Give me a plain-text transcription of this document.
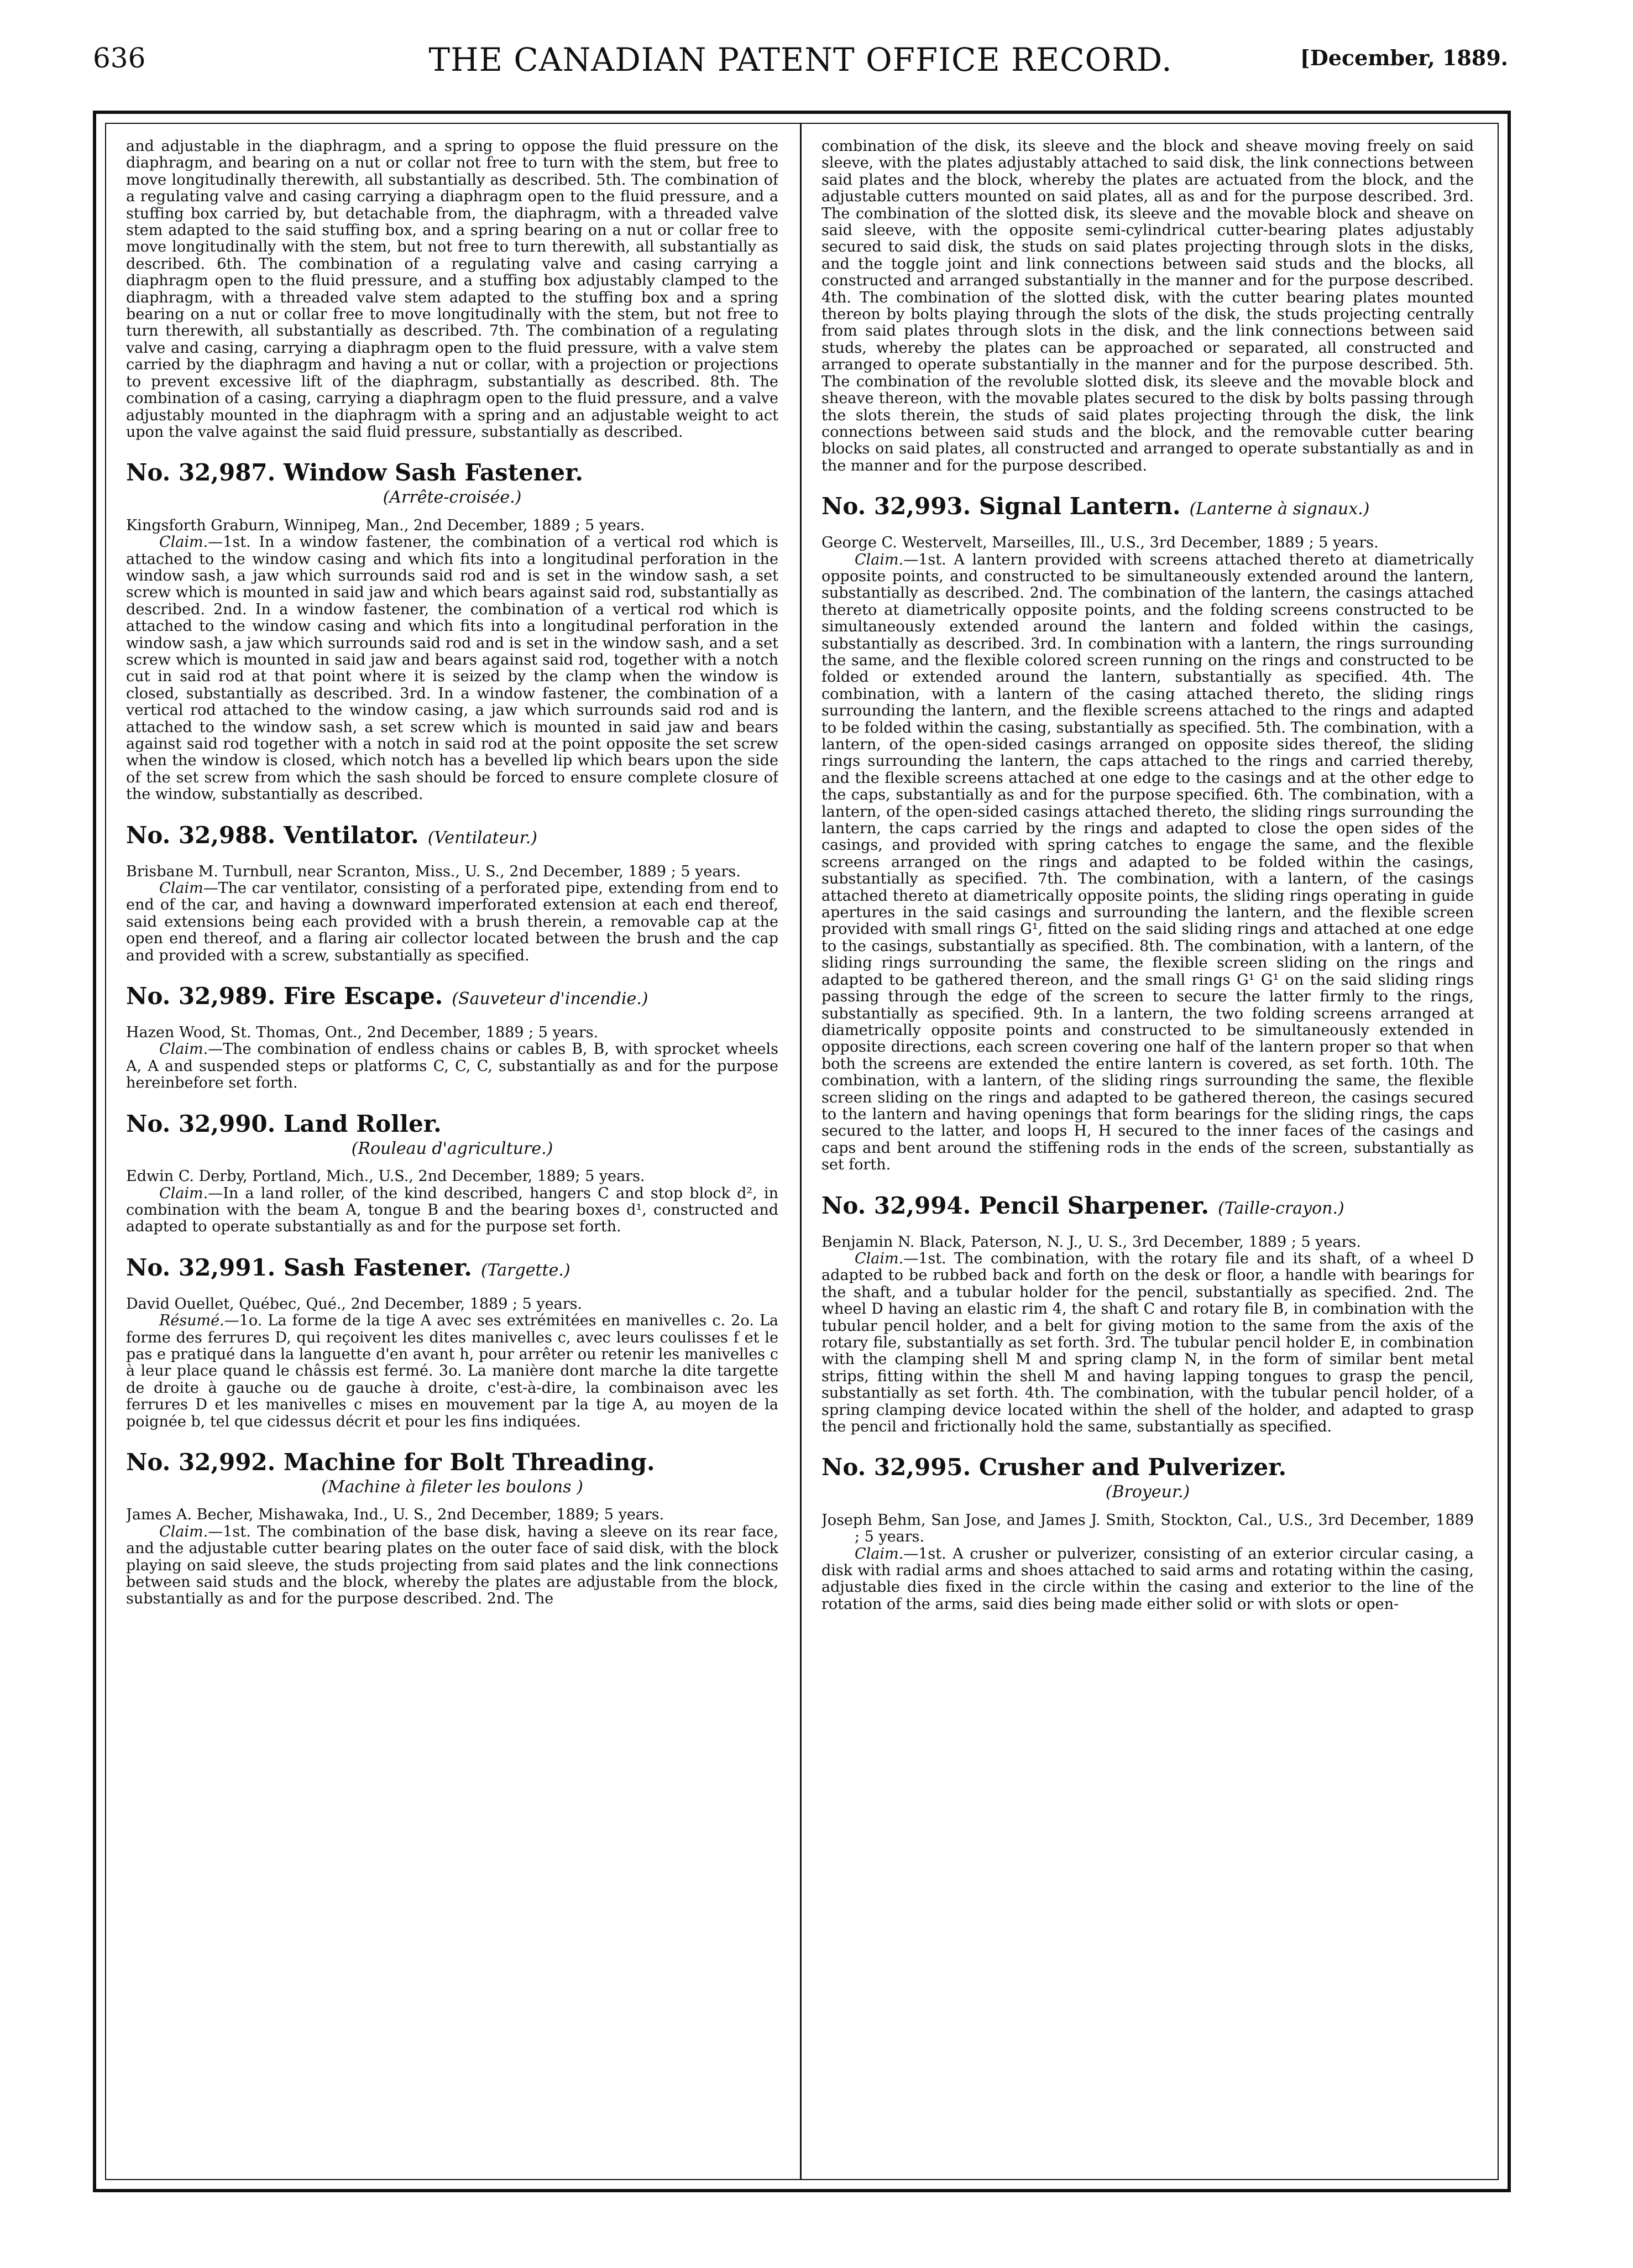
636	THE CANADIAN PATENT OFFICE RECORD.	[December, 1889.

and adjustable in the diaphragm, and a spring to oppose the fluid pressure on the diaphragm, and bearing on a nut or collar not free to turn with the stem, but free to move longitudinally therewith, all substantially as described. 5th. The combination of a regulating valve and casing carrying a diaphragm open to the fluid pressure, and a stuffing box carried by, but detachable from, the diaphragm, with a threaded valve stem adapted to the said stuffing box, and a spring bearing on a nut or collar free to move longitudinally with the stem, but not free to turn therewith, all substantially as described. 6th. The combination of a regulating valve and casing carrying a diaphragm open to the fluid pressure, and a stuffing box adjustably clamped to the diaphragm, with a threaded valve stem adapted to the stuffing box and a spring bearing on a nut or collar free to move longitudinally with the stem, but not free to turn therewith, all substantially as described. 7th. The combination of a regulating valve and casing, carrying a diaphragm open to the fluid pressure, with a valve stem carried by the diaphragm and having a nut or collar, with a projection or projections to prevent excessive lift of the diaphragm, substantially as described. 8th. The combination of a casing, carrying a diaphragm open to the fluid pressure, and a valve adjustably mounted in the diaphragm with a spring and an adjustable weight to act upon the valve against the said fluid pressure, substantially as described.

No. 32,987. Window Sash Fastener.

(Arrête-croisée.)

Kingsforth Graburn, Winnipeg, Man., 2nd December, 1889 ; 5 years.

Claim.—1st. In a window fastener, the combination of a vertical rod which is attached to the window casing and which fits into a longitudinal perforation in the window sash, a jaw which surrounds said rod and is set in the window sash, a set screw which is mounted in said jaw and which bears against said rod, substantially as described. 2nd. In a window fastener, the combination of a vertical rod which is attached to the window casing and which fits into a longitudinal perforation in the window sash, a jaw which surrounds said rod and is set in the window sash, and a set screw which is mounted in said jaw and bears against said rod, together with a notch cut in said rod at that point where it is seized by the clamp when the window is closed, substantially as described. 3rd. In a window fastener, the combination of a vertical rod attached to the window casing, a jaw which surrounds said rod and is attached to the window sash, a set screw which is mounted in said jaw and bears against said rod together with a notch in said rod at the point opposite the set screw when the window is closed, which notch has a bevelled lip which bears upon the side of the set screw from which the sash should be forced to ensure complete closure of the window, substantially as described.

No. 32,988. Ventilator. (Ventilateur.)

Brisbane M. Turnbull, near Scranton, Miss., U. S., 2nd December, 1889 ; 5 years.

Claim—The car ventilator, consisting of a perforated pipe, extending from end to end of the car, and having a downward imperforated extension at each end thereof, said extensions being each provided with a brush therein, a removable cap at the open end thereof, and a flaring air collector located between the brush and the cap and provided with a screw, substantially as specified.

No. 32,989. Fire Escape. (Sauveteur d'incendie.)

Hazen Wood, St. Thomas, Ont., 2nd December, 1889 ; 5 years.

Claim.—The combination of endless chains or cables B, B, with sprocket wheels A, A and suspended steps or platforms C, C, C, substantially as and for the purpose hereinbefore set forth.

No. 32,990. Land Roller.

(Rouleau d'agriculture.)

Edwin C. Derby, Portland, Mich., U.S., 2nd December, 1889; 5 years.

Claim.—In a land roller, of the kind described, hangers C and stop block d², in combination with the beam A, tongue B and the bearing boxes d¹, constructed and adapted to operate substantially as and for the purpose set forth.

No. 32,991. Sash Fastener. (Targette.)

David Ouellet, Québec, Qué., 2nd December, 1889 ; 5 years.

Résumé.—1o. La forme de la tige A avec ses extrémitées en manivelles c. 2o. La forme des ferrures D, qui reçoivent les dites manivelles c, avec leurs coulisses f et le pas e pratiqué dans la languette d'en avant h, pour arrêter ou retenir les manivelles c à leur place quand le châssis est fermé. 3o. La manière dont marche la dite targette de droite à gauche ou de gauche à droite, c'est-à-dire, la combinaison avec les ferrures D et les manivelles c mises en mouvement par la tige A, au moyen de la poignée b, tel que cidessus décrit et pour les fins indiquées.

No. 32,992. Machine for Bolt Threading.

(Machine à fileter les boulons )

James A. Becher, Mishawaka, Ind., U. S., 2nd December, 1889; 5 years.

Claim.—1st. The combination of the base disk, having a sleeve on its rear face, and the adjustable cutter bearing plates on the outer face of said disk, with the block playing on said sleeve, the studs projecting from said plates and the link connections between said studs and the block, whereby the plates are adjustable from the block, substantially as and for the purpose described. 2nd. The

combination of the disk, its sleeve and the block and sheave moving freely on said sleeve, with the plates adjustably attached to said disk, the link connections between said plates and the block, whereby the plates are actuated from the block, and the adjustable cutters mounted on said plates, all as and for the purpose described. 3rd. The combination of the slotted disk, its sleeve and the movable block and sheave on said sleeve, with the opposite semi-cylindrical cutter-bearing plates adjustably secured to said disk, the studs on said plates projecting through slots in the disks, and the toggle joint and link connections between said studs and the blocks, all constructed and arranged substantially in the manner and for the purpose described. 4th. The combination of the slotted disk, with the cutter bearing plates mounted thereon by bolts playing through the slots of the disk, the studs projecting centrally from said plates through slots in the disk, and the link connections between said studs, whereby the plates can be approached or separated, all constructed and arranged to operate substantially in the manner and for the purpose described. 5th. The combination of the revoluble slotted disk, its sleeve and the movable block and sheave thereon, with the movable plates secured to the disk by bolts passing through the slots therein, the studs of said plates projecting through the disk, the link connections between said studs and the block, and the removable cutter bearing blocks on said plates, all constructed and arranged to operate substantially as and in the manner and for the purpose described.

No. 32,993. Signal Lantern. (Lanterne à signaux.)

George C. Westervelt, Marseilles, Ill., U.S., 3rd December, 1889 ; 5 years.

Claim.—1st. A lantern provided with screens attached thereto at diametrically opposite points, and constructed to be simultaneously extended around the lantern, substantially as described. 2nd. The combination of the lantern, the casings attached thereto at diametrically opposite points, and the folding screens constructed to be simultaneously extended around the lantern and folded within the casings, substantially as described. 3rd. In combination with a lantern, the rings surrounding the same, and the flexible colored screen running on the rings and constructed to be folded or extended around the lantern, substantially as specified. 4th. The combination, with a lantern of the casing attached thereto, the sliding rings surrounding the lantern, and the flexible screens attached to the rings and adapted to be folded within the casing, substantially as specified. 5th. The combination, with a lantern, of the open-sided casings arranged on opposite sides thereof, the sliding rings surrounding the lantern, the caps attached to the rings and carried thereby, and the flexible screens attached at one edge to the casings and at the other edge to the caps, substantially as and for the purpose specified. 6th. The combination, with a lantern, of the open-sided casings attached thereto, the sliding rings surrounding the lantern, the caps carried by the rings and adapted to close the open sides of the casings, and provided with spring catches to engage the same, and the flexible screens arranged on the rings and adapted to be folded within the casings, substantially as specified. 7th. The combination, with a lantern, of the casings attached thereto at diametrically opposite points, the sliding rings operating in guide apertures in the said casings and surrounding the lantern, and the flexible screen provided with small rings G¹, fitted on the said sliding rings and attached at one edge to the casings, substantially as specified. 8th. The combination, with a lantern, of the sliding rings surrounding the same, the flexible screen sliding on the rings and adapted to be gathered thereon, and the small rings G¹ G¹ on the said sliding rings passing through the edge of the screen to secure the latter firmly to the rings, substantially as specified. 9th. In a lantern, the two folding screens arranged at diametrically opposite points and constructed to be simultaneously extended in opposite directions, each screen covering one half of the lantern proper so that when both the screens are extended the entire lantern is covered, as set forth. 10th. The combination, with a lantern, of the sliding rings surrounding the same, the flexible screen sliding on the rings and adapted to be gathered thereon, the casings secured to the lantern and having openings that form bearings for the sliding rings, the caps secured to the latter, and loops H, H secured to the inner faces of the casings and caps and bent around the stiffening rods in the ends of the screen, substantially as set forth.

No. 32,994. Pencil Sharpener. (Taille-crayon.)

Benjamin N. Black, Paterson, N. J., U. S., 3rd December, 1889 ; 5 years.

Claim.—1st. The combination, with the rotary file and its shaft, of a wheel D adapted to be rubbed back and forth on the desk or floor, a handle with bearings for the shaft, and a tubular holder for the pencil, substantially as specified. 2nd. The wheel D having an elastic rim 4, the shaft C and rotary file B, in combination with the tubular pencil holder, and a belt for giving motion to the same from the axis of the rotary file, substantially as set forth. 3rd. The tubular pencil holder E, in combination with the clamping shell M and spring clamp N, in the form of similar bent metal strips, fitting within the shell M and having lapping tongues to grasp the pencil, substantially as set forth. 4th. The combination, with the tubular pencil holder, of a spring clamping device located within the shell of the holder, and adapted to grasp the pencil and frictionally hold the same, substantially as specified.

No. 32,995. Crusher and Pulverizer.

(Broyeur.)

Joseph Behm, San Jose, and James J. Smith, Stockton, Cal., U.S., 3rd December, 1889 ; 5 years.

Claim.—1st. A crusher or pulverizer, consisting of an exterior circular casing, a disk with radial arms and shoes attached to said arms and rotating within the casing, adjustable dies fixed in the circle within the casing and exterior to the line of the rotation of the arms, said dies being made either solid or with slots or open-
